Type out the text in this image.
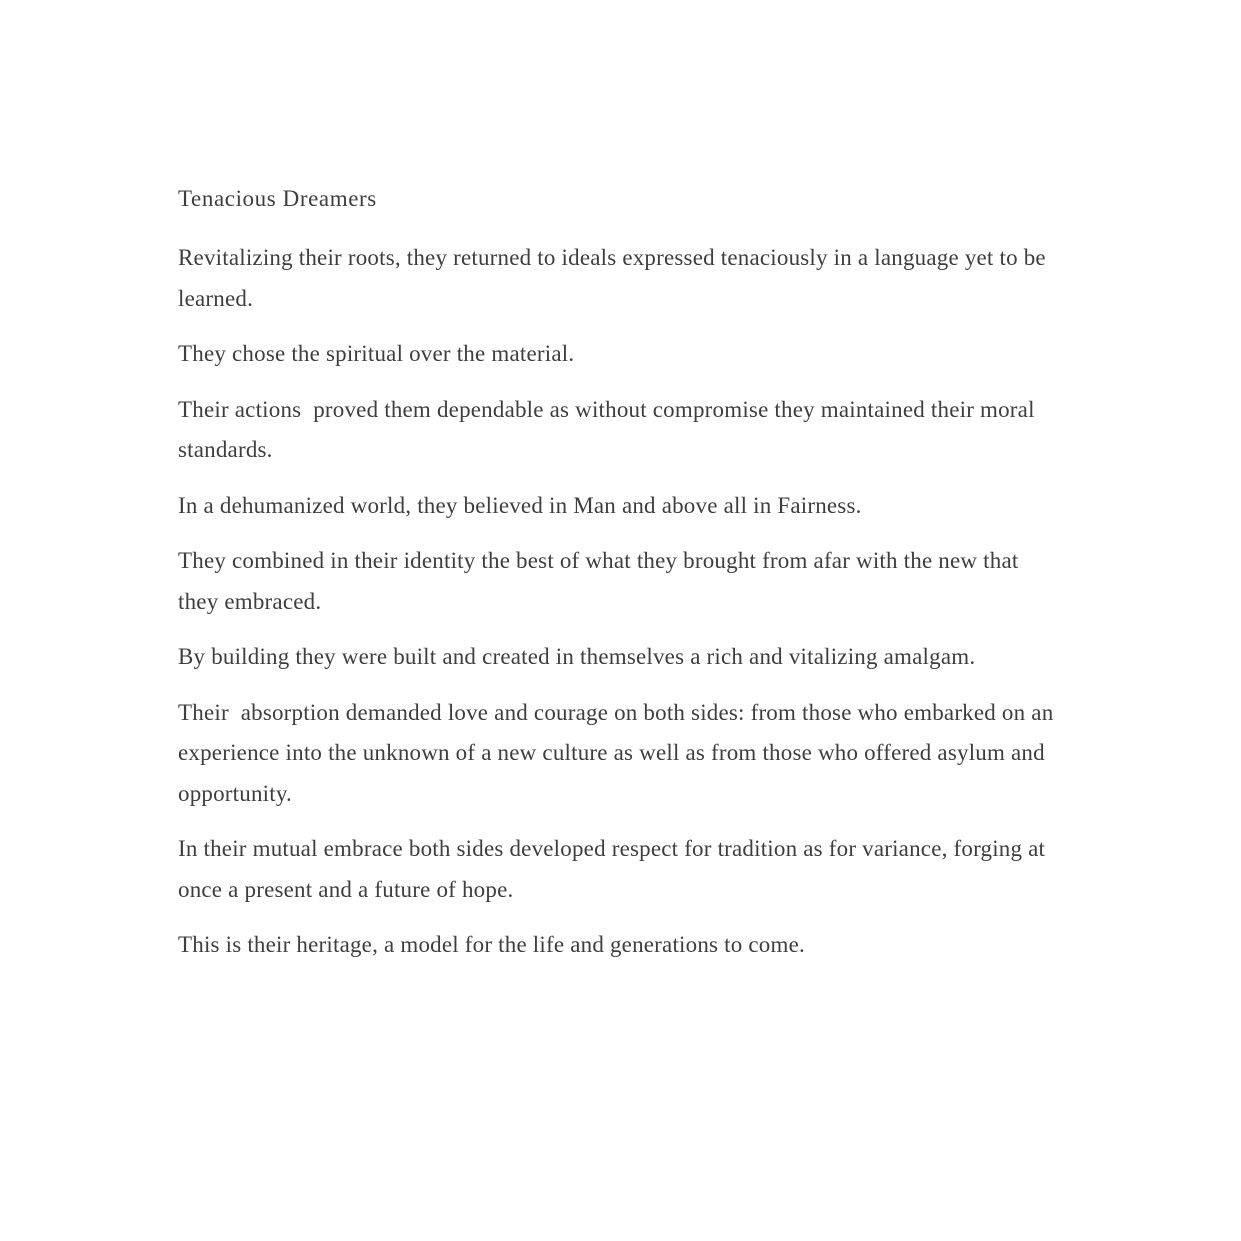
Tenacious Dreamers

Revitalizing their roots, they returned to ideals expressed tenaciously in a language yet to be learned.

They chose the spiritual over the material.

Their actions  proved them dependable as without compromise they maintained their moral standards.

In a dehumanized world, they believed in Man and above all in Fairness.

They combined in their identity the best of what they brought from afar with the new that they embraced.

By building they were built and created in themselves a rich and vitalizing amalgam.

Their  absorption demanded love and courage on both sides: from those who embarked on an experience into the unknown of a new culture as well as from those who offered asylum and opportunity.

In their mutual embrace both sides developed respect for tradition as for variance, forging at once a present and a future of hope.

This is their heritage, a model for the life and generations to come.
